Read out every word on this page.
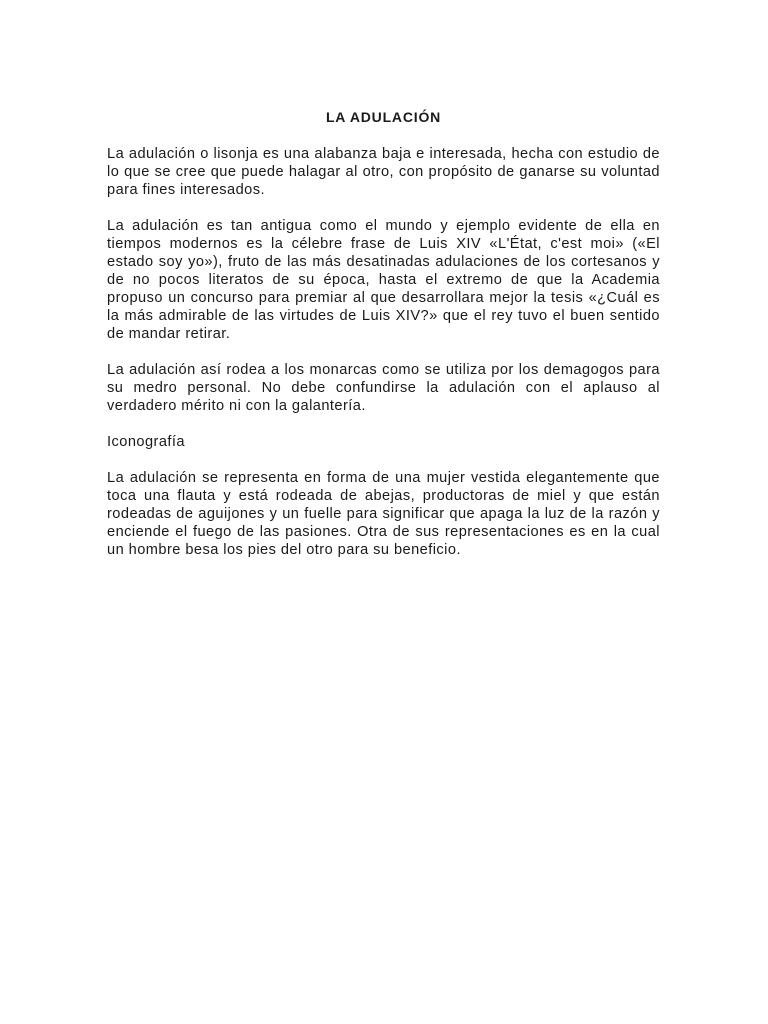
LA ADULACIÓN

La adulación o lisonja es una alabanza baja e interesada, hecha con estudio de lo que se cree que puede halagar al otro, con propósito de ganarse su voluntad para fines interesados.

La adulación es tan antigua como el mundo y ejemplo evidente de ella en tiempos modernos es la célebre frase de Luis XIV «L'État, c'est moi» («El estado soy yo»), fruto de las más desatinadas adulaciones de los cortesanos y de no pocos literatos de su época, hasta el extremo de que la Academia propuso un concurso para premiar al que desarrollara mejor la tesis «¿Cuál es la más admirable de las virtudes de Luis XIV?» que el rey tuvo el buen sentido de mandar retirar.

La adulación así rodea a los monarcas como se utiliza por los demagogos para su medro personal. No debe confundirse la adulación con el aplauso al verdadero mérito ni con la galantería.

Iconografía

La adulación se representa en forma de una mujer vestida elegantemente que toca una flauta y está rodeada de abejas, productoras de miel y que están rodeadas de aguijones y un fuelle para significar que apaga la luz de la razón y enciende el fuego de las pasiones. Otra de sus representaciones es en la cual un hombre besa los pies del otro para su beneficio.
